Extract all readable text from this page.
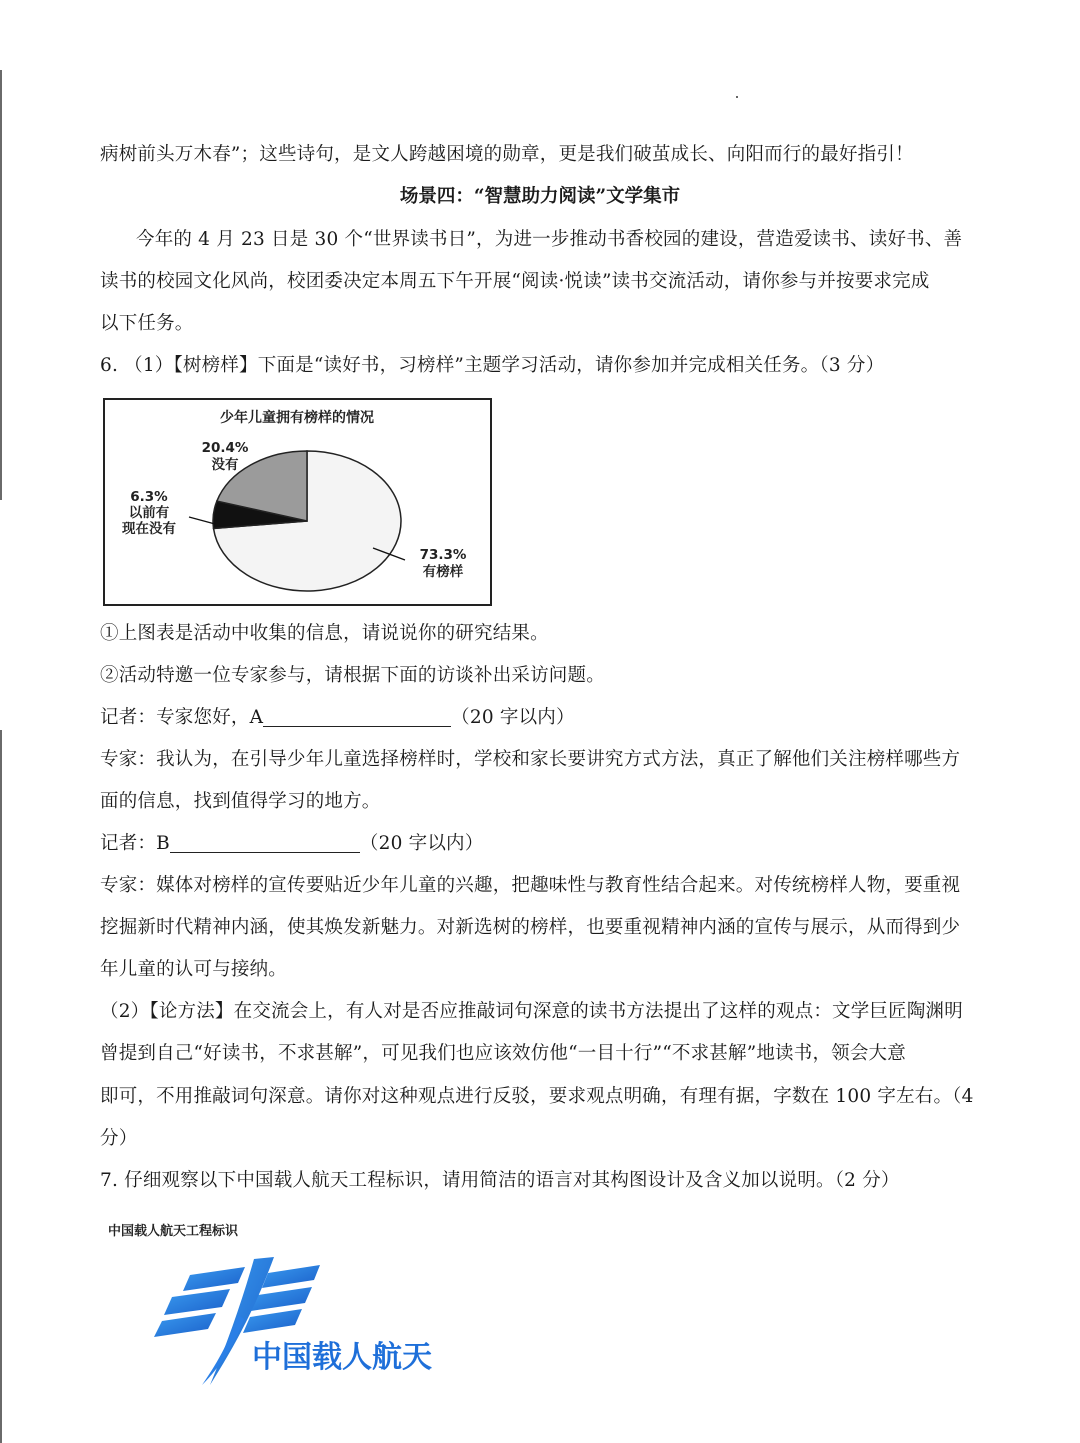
病树前头万木春”；这些诗句，是文人跨越困境的勋章，更是我们破茧成长、向阳而行的最好指引！
场景四：“智慧助力阅读”文学集市
今年的 4 月 23 日是 30 个“世界读书日”，为进一步推动书香校园的建设，营造爱读书、读好书、善
读书的校园文化风尚，校团委决定本周五下午开展“阅读·悦读”读书交流活动，请你参与并按要求完成
以下任务。
6. （1）【树榜样】下面是“读好书，习榜样”主题学习活动，请你参加并完成相关任务。（3 分）
少年儿童拥有榜样的情况
20.4%
没有
6.3%
以前有
现在没有
73.3%
有榜样
①上图表是活动中收集的信息，请说说你的研究结果。
②活动特邀一位专家参与，请根据下面的访谈补出采访问题。
记者：专家您好，A	（20 字以内）
专家：我认为，在引导少年儿童选择榜样时，学校和家长要讲究方式方法，真正了解他们关注榜样哪些方
面的信息，找到值得学习的地方。
记者：B	（20 字以内）
专家：媒体对榜样的宣传要贴近少年儿童的兴趣，把趣味性与教育性结合起来。对传统榜样人物，要重视
挖掘新时代精神内涵，使其焕发新魅力。对新选树的榜样，也要重视精神内涵的宣传与展示，从而得到少
年儿童的认可与接纳。
（2）【论方法】在交流会上，有人对是否应推敲词句深意的读书方法提出了这样的观点：文学巨匠陶渊明
曾提到自己“好读书，不求甚解”，可见我们也应该效仿他“一目十行”“不求甚解”地读书，领会大意
即可，不用推敲词句深意。请你对这种观点进行反驳，要求观点明确，有理有据，字数在 100 字左右。（4
分）
7. 仔细观察以下中国载人航天工程标识，请用简洁的语言对其构图设计及含义加以说明。（2 分）
中国载人航天工程标识
中国载人航天
